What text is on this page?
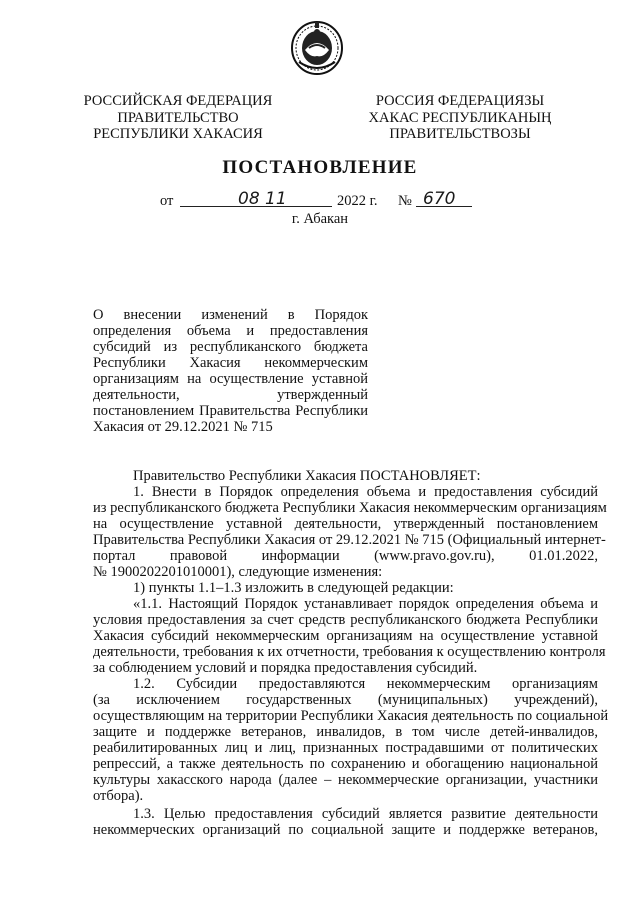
РОССИЙСКАЯ ФЕДЕРАЦИЯ
ПРАВИТЕЛЬСТВО
РЕСПУБЛИКИ ХАКАСИЯ
РОССИЯ ФЕДЕРАЦИЯЗЫ
ХАКАС РЕСПУБЛИКАНЫҢ
ПРАВИТЕЛЬСТВОЗЫ
ПОСТАНОВЛЕНИЕ
от	08 11	2022 г. № 670
г. Абакан
О внесении изменений в Порядок
определения объема и предоставления
субсидий из республиканского бюджета
Республики Хакасия некоммерческим
организациям на осуществление уставной
деятельности, утвержденный
постановлением Правительства Республики
Хакасия от 29.12.2021 № 715
Правительство Республики Хакасия ПОСТАНОВЛЯЕТ:
1. Внести в Порядок определения объема и предоставления субсидий
из республиканского бюджета Республики Хакасия некоммерческим организациям
на осуществление уставной деятельности, утвержденный постановлением
Правительства Республики Хакасия от 29.12.2021 № 715 (Официальный интернет-
портал правовой информации (www.pravo.gov.ru), 01.01.2022,
№ 1900202201010001), следующие изменения:
1) пункты 1.1–1.3 изложить в следующей редакции:
«1.1. Настоящий Порядок устанавливает порядок определения объема и
условия предоставления за счет средств республиканского бюджета Республики
Хакасия субсидий некоммерческим организациям на осуществление уставной
деятельности, требования к их отчетности, требования к осуществлению контроля
за соблюдением условий и порядка предоставления субсидий.
1.2. Субсидии предоставляются некоммерческим организациям
(за исключением государственных (муниципальных) учреждений),
осуществляющим на территории Республики Хакасия деятельность по социальной
защите и поддержке ветеранов, инвалидов, в том числе детей-инвалидов,
реабилитированных лиц и лиц, признанных пострадавшими от политических
репрессий, а также деятельность по сохранению и обогащению национальной
культуры хакасского народа (далее – некоммерческие организации, участники
отбора).
1.3. Целью предоставления субсидий является развитие деятельности
некоммерческих организаций по социальной защите и поддержке ветеранов,
